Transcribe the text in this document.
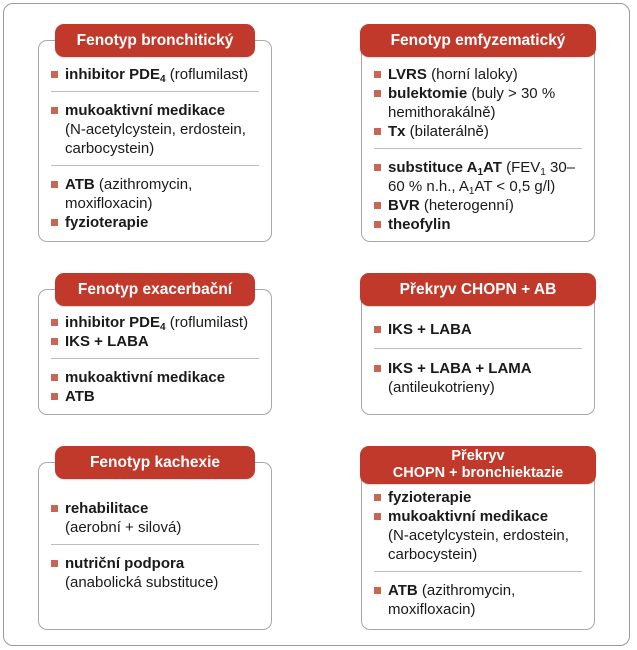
Fenotyp bronchitický
inhibitor $PDE_4$ (roflumilast)
mukoaktivní medikace
(N-acetylcystein, erdostein, carbocystein)
ATB (azithromycin, moxifloxacin)
fyzioterapie
Fenotyp emfyzematický
LVRS (horní laloky)
bulektomie (buly > 30 % hemithorakálně)
Tx (bilaterálně)
substituce $A_1AT$ ($FEV_1$ 30–60 % n.h., $A_1AT < 0,5$ g/l)
BVR (heterogenní)
theofylin
Fenotyp exacerbační
inhibitor $PDE_4$ (roflumilast)
IKS + LABA
mukoaktivní medikace
ATB
Překryv CHOPN + AB
IKS + LABA
IKS + LABA + LAMA
(antileukotrieny)
Fenotyp kachexie
rehabilitace
(aerobní + silová)
nutriční podpora
(anabolická substituce)
Překryv
CHOPN + bronchiektazie
fyzioterapie
mukoaktivní medikace
(N-acetylcystein, erdostein, carbocystein)
ATB (azithromycin, moxifloxacin)
